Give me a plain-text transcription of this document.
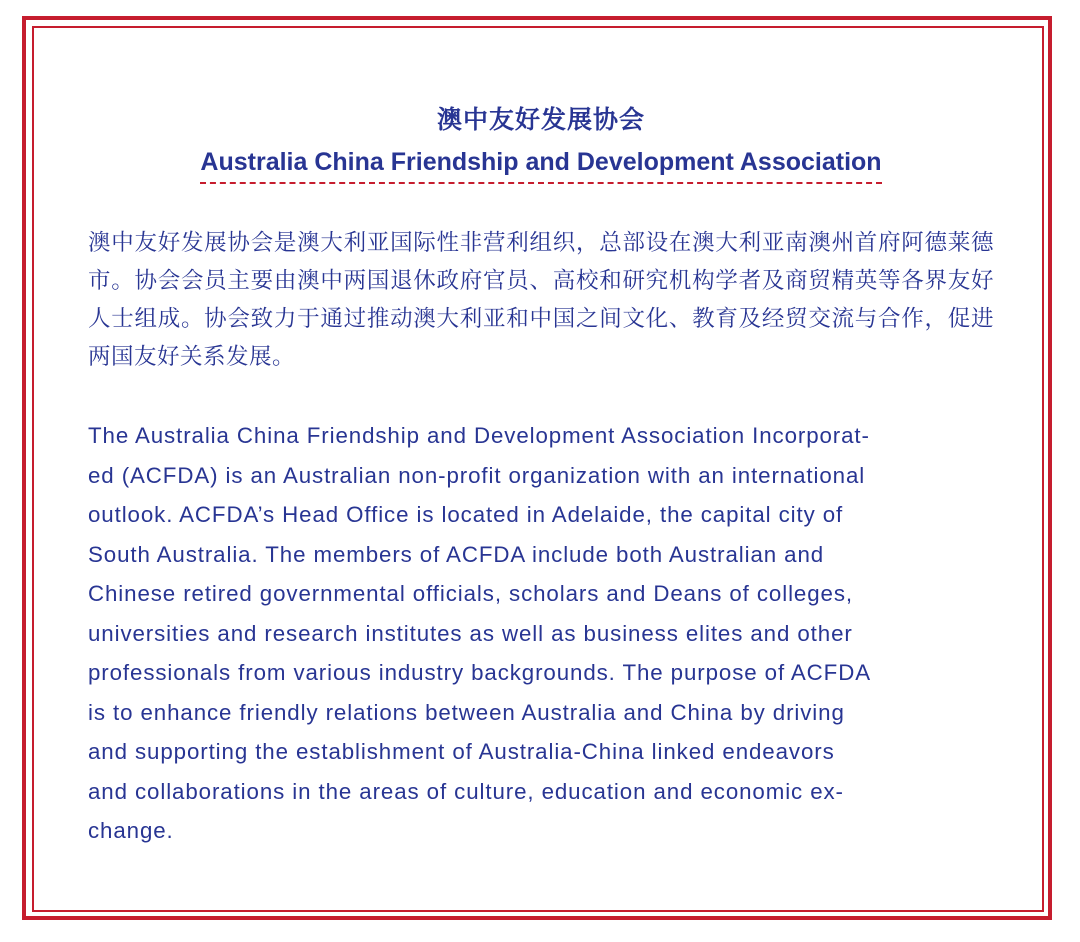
澳中友好发展协会
Australia China Friendship and Development Association
澳中友好发展协会是澳大利亚国际性非营利组织，总部设在澳大利亚南澳州首府阿德莱德市。协会会员主要由澳中两国退休政府官员、高校和研究机构学者及商贸精英等各界友好人士组成。协会致力于通过推动澳大利亚和中国之间文化、教育及经贸交流与合作，促进两国友好关系发展。
The Australia China Friendship and Development Association Incorporat-
ed (ACFDA) is an Australian non-profit organization with an international
outlook. ACFDA’s Head Office is located in Adelaide, the capital city of
South Australia. The members of ACFDA include both Australian and
Chinese retired governmental officials, scholars and Deans of colleges,
universities and research institutes as well as business elites and other
professionals from various industry backgrounds. The purpose of ACFDA
is to enhance friendly relations between Australia and China by driving
and supporting the establishment of Australia-China linked endeavors
and collaborations in the areas of culture, education and economic ex-
change.
